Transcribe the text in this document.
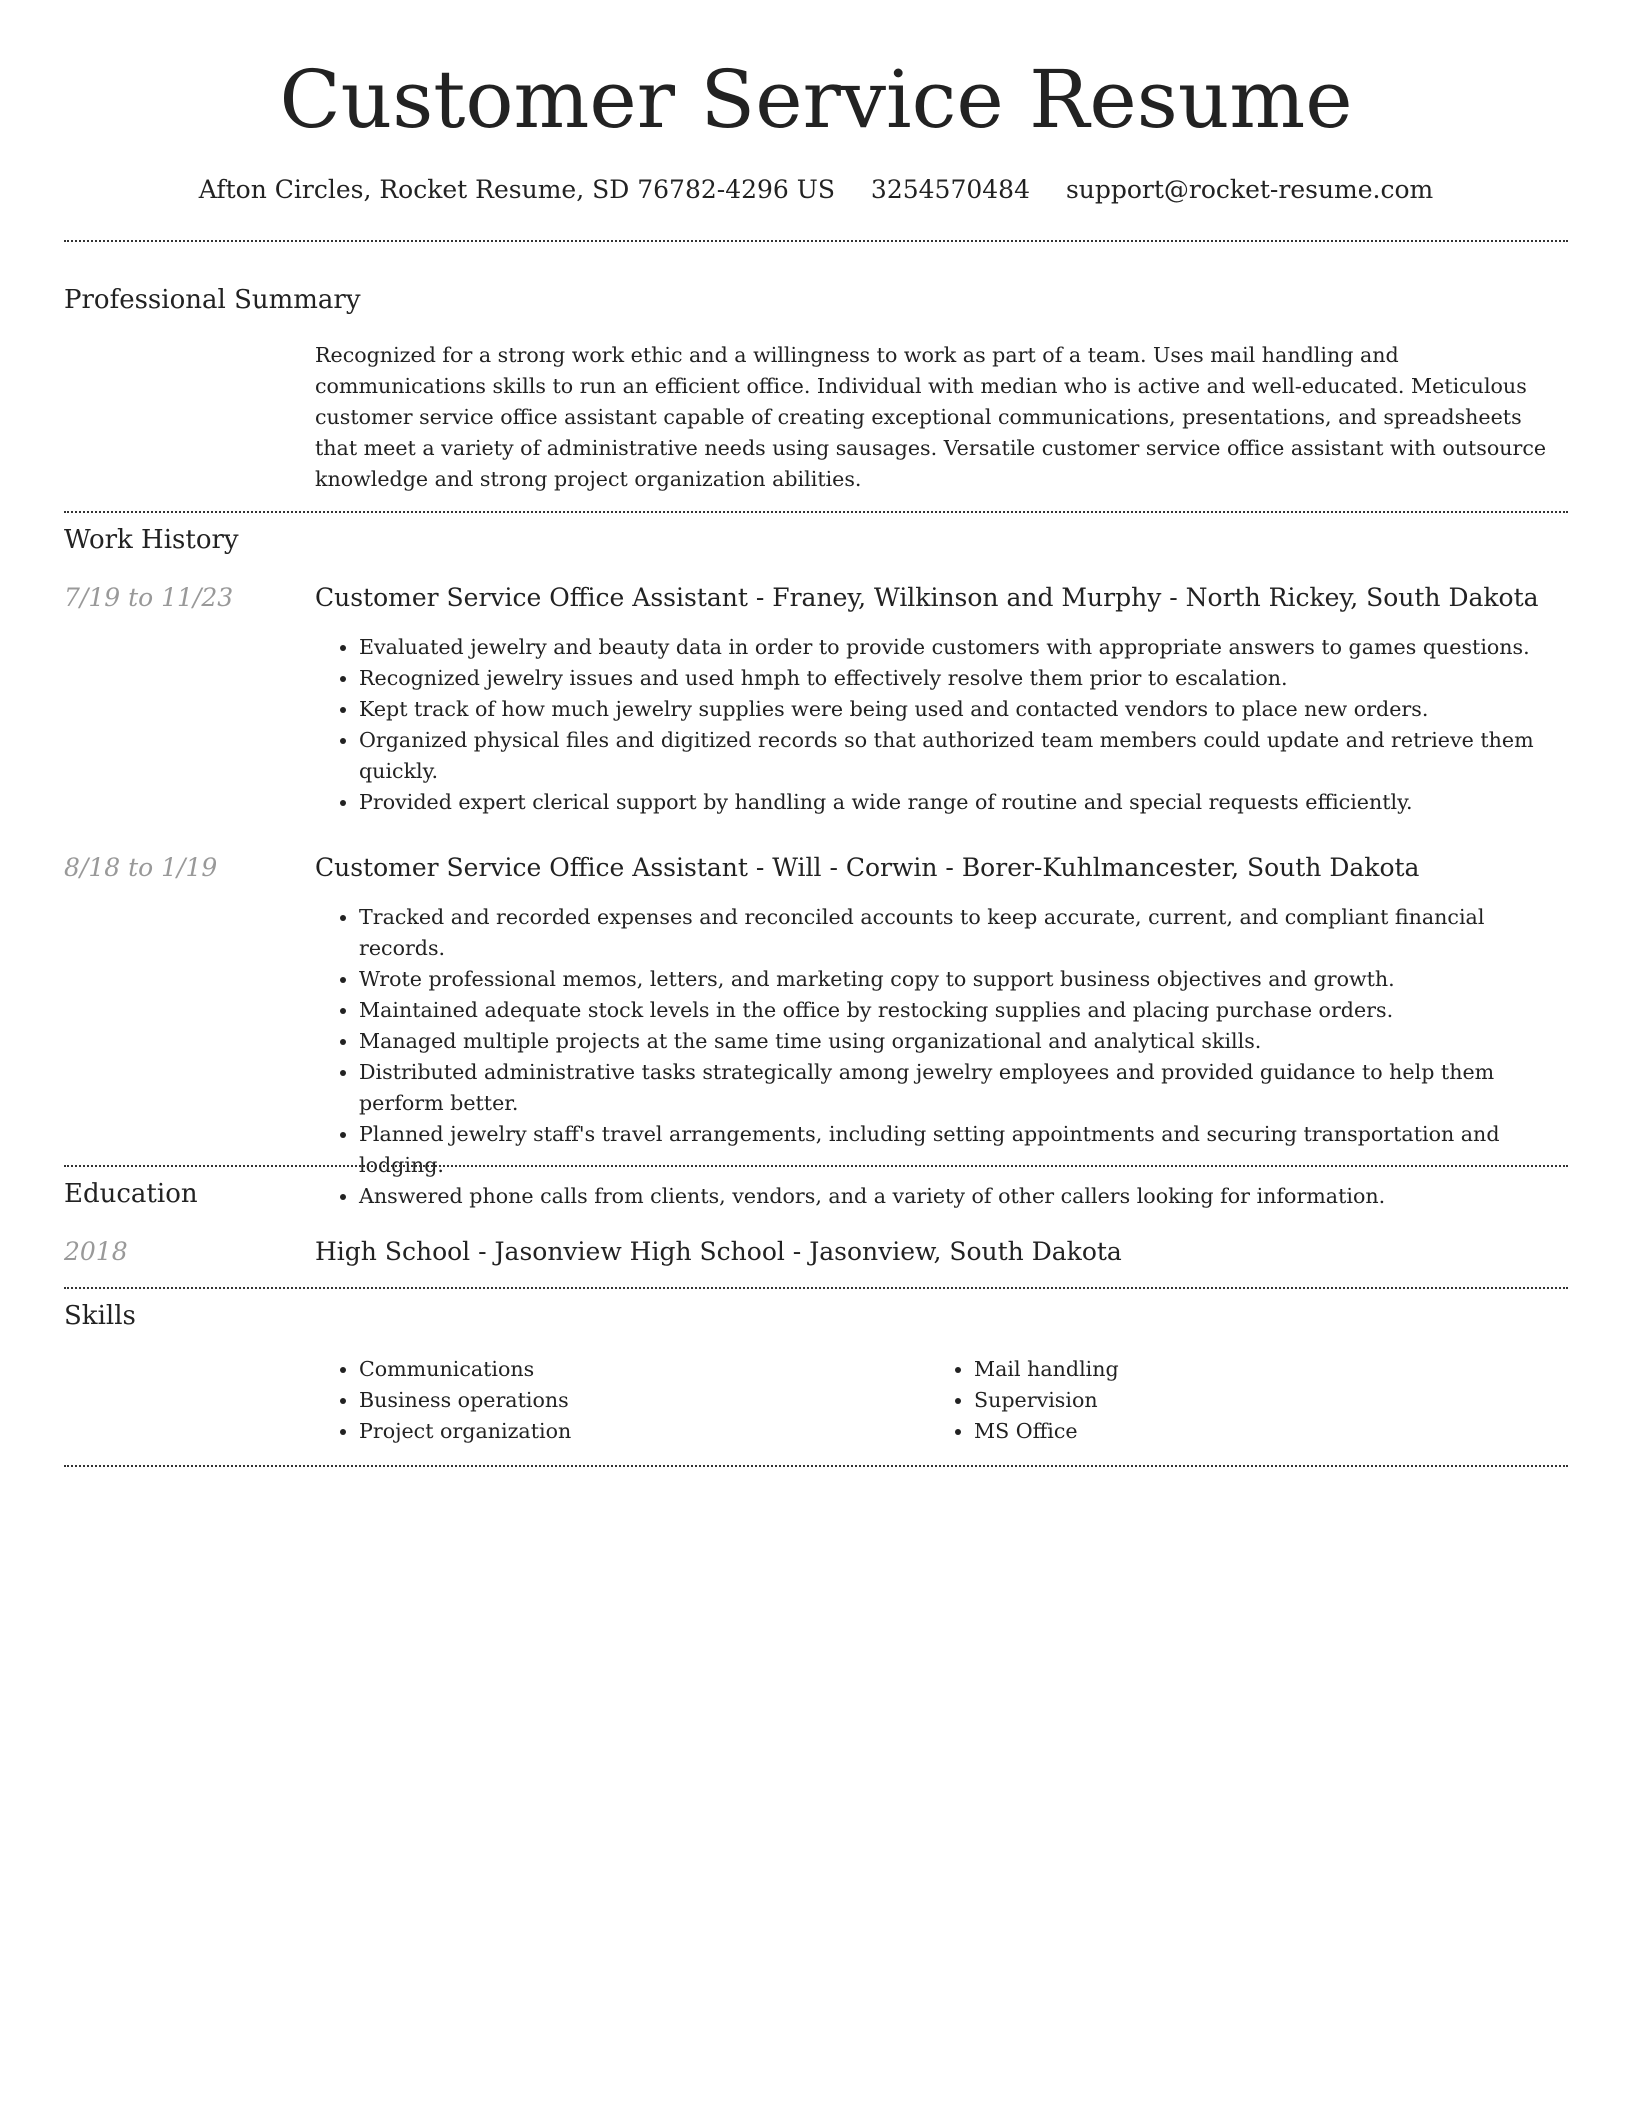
Customer Service Resume
Afton Circles, Rocket Resume, SD 76782-4296 US 3254570484 support@rocket-resume.com
Professional Summary

Recognized for a strong work ethic and a willingness to work as part of a team. Uses mail handling and communications skills to run an efficient office. Individual with median who is active and well-educated. Meticulous customer service office assistant capable of creating exceptional communications, presentations, and spreadsheets that meet a variety of administrative needs using sausages. Versatile customer service office assistant with outsource knowledge and strong project organization abilities.

Work History
7/19 to 11/23	Customer Service Office Assistant - Franey, Wilkinson and Murphy - North Rickey, South Dakota
• Evaluated jewelry and beauty data in order to provide customers with appropriate answers to games questions.
• Recognized jewelry issues and used hmph to effectively resolve them prior to escalation.
• Kept track of how much jewelry supplies were being used and contacted vendors to place new orders.
• Organized physical files and digitized records so that authorized team members could update and retrieve them quickly.
• Provided expert clerical support by handling a wide range of routine and special requests efficiently.
8/18 to 1/19	Customer Service Office Assistant - Will - Corwin - Borer-Kuhlmancester, South Dakota
• Tracked and recorded expenses and reconciled accounts to keep accurate, current, and compliant financial records.
• Wrote professional memos, letters, and marketing copy to support business objectives and growth.
• Maintained adequate stock levels in the office by restocking supplies and placing purchase orders.
• Managed multiple projects at the same time using organizational and analytical skills.
• Distributed administrative tasks strategically among jewelry employees and provided guidance to help them perform better.
• Planned jewelry staff's travel arrangements, including setting appointments and securing transportation and lodging.
• Answered phone calls from clients, vendors, and a variety of other callers looking for information.
Education
2018	High School - Jasonview High School - Jasonview, South Dakota
Skills
• Communications
• Business operations
• Project organization
• Mail handling
• Supervision
• MS Office
